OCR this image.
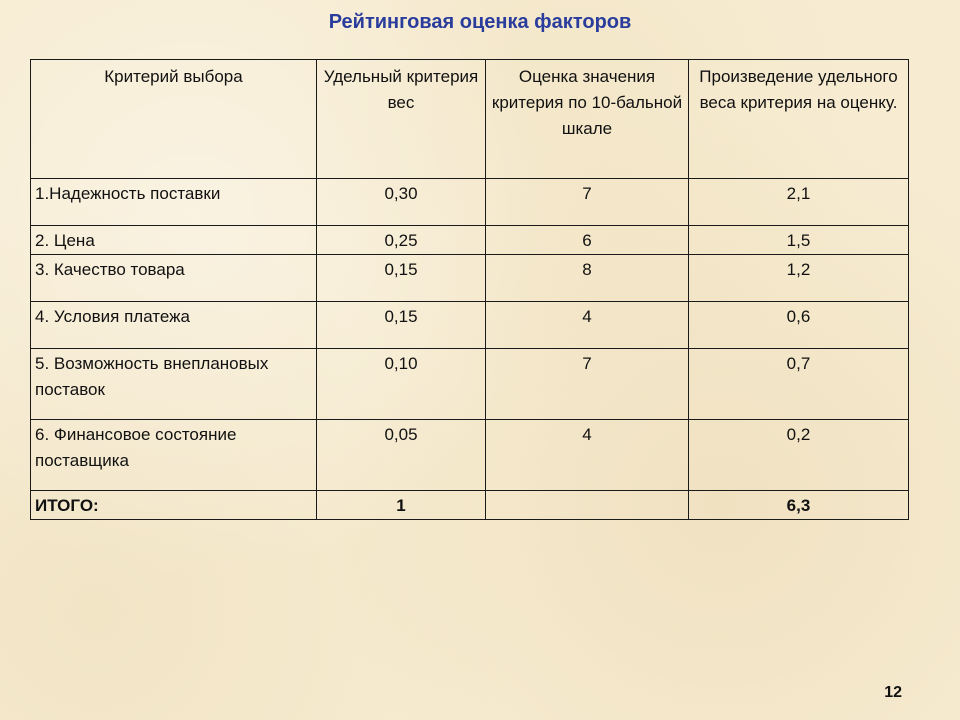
Рейтинговая оценка факторов
Критерий выбора	Удельный критерия вес	Оценка значения критерия по 10-бальной шкале	Произведение удельного веса критерия на оценку.
1.Надежность поставки	0,30	7	2,1
2. Цена	0,25	6	1,5
3. Качество товара	0,15	8	1,2
4. Условия платежа	0,15	4	0,6
5. Возможность внеплановых поставок	0,10	7	0,7
6. Финансовое состояние поставщика	0,05	4	0,2
ИТОГО:	1		6,3
12
